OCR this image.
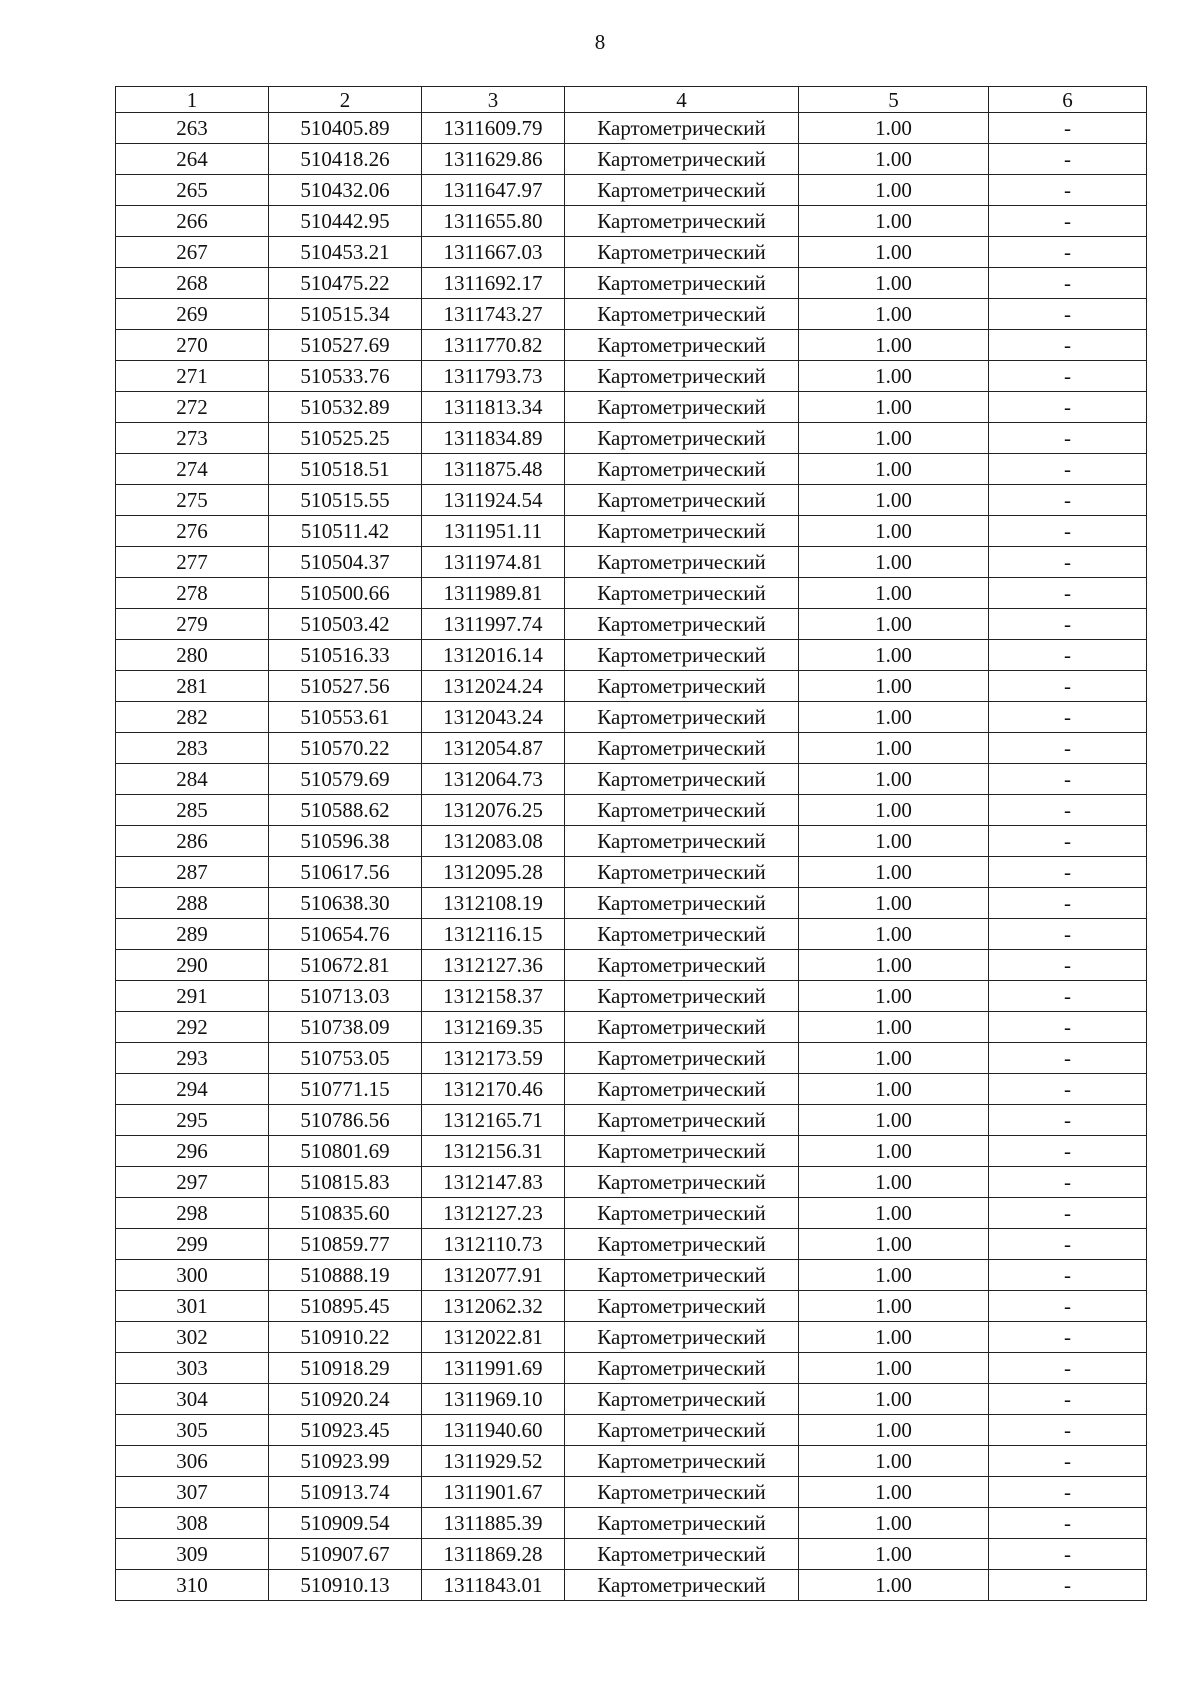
8
1	2	3	4	5	6
263	510405.89	1311609.79	Картометрический	1.00	-
264	510418.26	1311629.86	Картометрический	1.00	-
265	510432.06	1311647.97	Картометрический	1.00	-
266	510442.95	1311655.80	Картометрический	1.00	-
267	510453.21	1311667.03	Картометрический	1.00	-
268	510475.22	1311692.17	Картометрический	1.00	-
269	510515.34	1311743.27	Картометрический	1.00	-
270	510527.69	1311770.82	Картометрический	1.00	-
271	510533.76	1311793.73	Картометрический	1.00	-
272	510532.89	1311813.34	Картометрический	1.00	-
273	510525.25	1311834.89	Картометрический	1.00	-
274	510518.51	1311875.48	Картометрический	1.00	-
275	510515.55	1311924.54	Картометрический	1.00	-
276	510511.42	1311951.11	Картометрический	1.00	-
277	510504.37	1311974.81	Картометрический	1.00	-
278	510500.66	1311989.81	Картометрический	1.00	-
279	510503.42	1311997.74	Картометрический	1.00	-
280	510516.33	1312016.14	Картометрический	1.00	-
281	510527.56	1312024.24	Картометрический	1.00	-
282	510553.61	1312043.24	Картометрический	1.00	-
283	510570.22	1312054.87	Картометрический	1.00	-
284	510579.69	1312064.73	Картометрический	1.00	-
285	510588.62	1312076.25	Картометрический	1.00	-
286	510596.38	1312083.08	Картометрический	1.00	-
287	510617.56	1312095.28	Картометрический	1.00	-
288	510638.30	1312108.19	Картометрический	1.00	-
289	510654.76	1312116.15	Картометрический	1.00	-
290	510672.81	1312127.36	Картометрический	1.00	-
291	510713.03	1312158.37	Картометрический	1.00	-
292	510738.09	1312169.35	Картометрический	1.00	-
293	510753.05	1312173.59	Картометрический	1.00	-
294	510771.15	1312170.46	Картометрический	1.00	-
295	510786.56	1312165.71	Картометрический	1.00	-
296	510801.69	1312156.31	Картометрический	1.00	-
297	510815.83	1312147.83	Картометрический	1.00	-
298	510835.60	1312127.23	Картометрический	1.00	-
299	510859.77	1312110.73	Картометрический	1.00	-
300	510888.19	1312077.91	Картометрический	1.00	-
301	510895.45	1312062.32	Картометрический	1.00	-
302	510910.22	1312022.81	Картометрический	1.00	-
303	510918.29	1311991.69	Картометрический	1.00	-
304	510920.24	1311969.10	Картометрический	1.00	-
305	510923.45	1311940.60	Картометрический	1.00	-
306	510923.99	1311929.52	Картометрический	1.00	-
307	510913.74	1311901.67	Картометрический	1.00	-
308	510909.54	1311885.39	Картометрический	1.00	-
309	510907.67	1311869.28	Картометрический	1.00	-
310	510910.13	1311843.01	Картометрический	1.00	-
